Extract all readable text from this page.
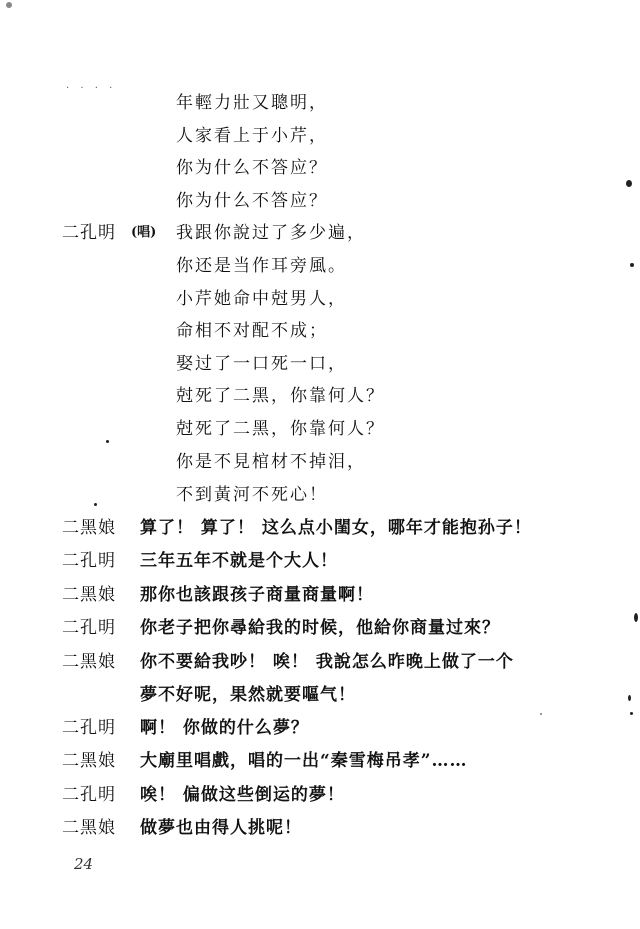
. . . .
年輕力壯又聰明，
人家看上于小芹，
你为什么不答应？
你为什么不答应？
二孔明 (唱) 我跟你說过了多少遍，
你还是当作耳旁風。
小芹她命中尅男人，
命相不对配不成；
娶过了一口死一口，
尅死了二黑，你靠何人？
尅死了二黑，你靠何人？
你是不見棺材不掉泪，
不到黃河不死心！
二黑娘 算了！ 算了！ 这么点小閨女，哪年才能抱孙子！
二孔明 三年五年不就是个大人！
二黑娘 那你也該跟孩子商量商量啊！
二孔明 你老子把你尋給我的时候，他給你商量过來？
二黑娘 你不要給我吵！ 唉！ 我說怎么昨晚上做了一个
夢不好呢，果然就要嘔气！
二孔明 啊！ 你做的什么夢？
二黑娘 大廟里唱戲，唱的一出“秦雪梅吊孝”……
二孔明 唉！ 偏做这些倒运的夢！
二黑娘 做夢也由得人挑呢！
24
